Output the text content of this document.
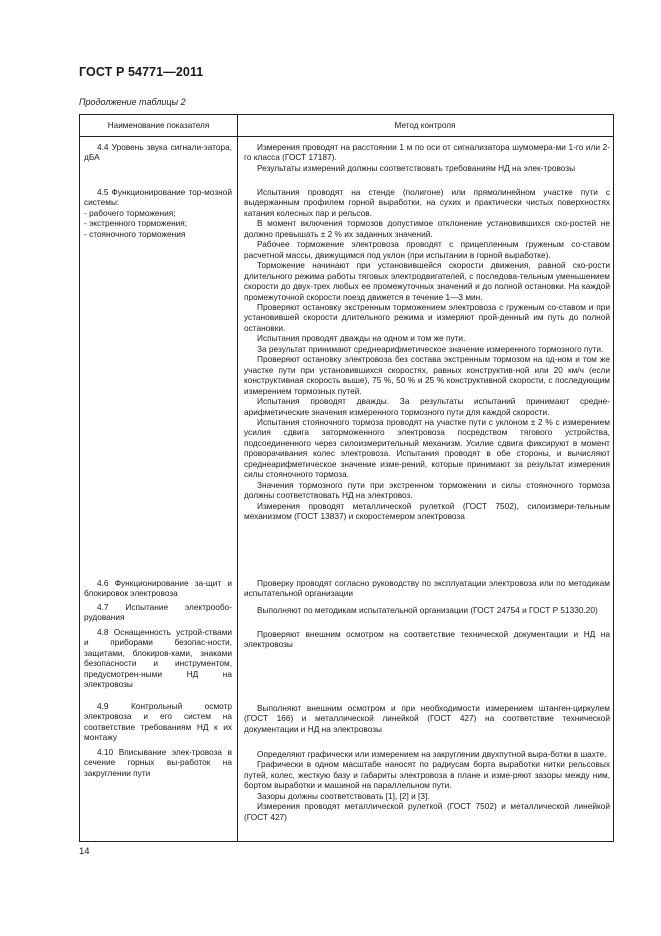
ГОСТ Р 54771—2011
Продолжение таблицы 2
Наименование показателя	Метод контроля

4.4 Уровень звука сигнали-затора, дБА

Измерения проводят на расстоянии 1 м по оси от сигнализатора шумомера-ми 1-го или 2-го класса (ГОСТ 17187).

Результаты измерений должны соответствовать требованиям НД на элек-тровозы

4.5 Функционирование тор-мозной системы:

- рабочего торможения;

- экстренного торможения;

- стояночного торможения

Испытания проводят на стенде (полигоне) или прямолинейном участке пути с выдержанным профилем горной выработки, на сухих и практически чистых поверхностях катания колесных пар и рельсов.

В момент включения тормозов допустимое отклонение установившихся ско-ростей не должно превышать ± 2 % их заданных значений.

Рабочее торможение электровоза проводят с прицепленным груженым со-ставом расчетной массы, движущимся под уклон (при испытании в горной выработке).

Торможение начинают при установившейся скорости движения, равной ско-рости длительного режима работы тяговых электродвигателей, с последова-тельным уменьшением скорости до двух-трех любых ее промежуточных значений и до полной остановки. На каждой промежуточной скорости поезд движется в течение 1—3 мин.

Проверяют остановку экстренным торможением электровоза с груженым со-ставом и при установившей скорости длительного режима и измеряют прой-денный им путь до полной остановки.

Испытания проводят дважды на одном и том же пути.

За результат принимают среднеарифметическое значение измеренного тормозного пути.

Проверяют остановку электровоза без состава экстренным тормозом на од-ном и том же участке пути при установившихся скоростях, равных конструктив-ной или 20 км/ч (если конструктивная скорость выше), 75 %, 50 % и 25 % конструктивной скорости, с последующим измерением тормозных путей.

Испытания проводят дважды. За результаты испытаний принимают средне-арифметические значения измеренного тормозного пути для каждой скорости.

Испытания стояночного тормоза проводят на участке пути с уклоном ± 2 % с измерением усилия сдвига заторможенного электровоза посредством тягового устройства, подсоединенного через силоизмерительный механизм. Усилие сдвига фиксируют в момент проворачивания колес электровоза. Испытания проводят в обе стороны, и вычисляют среднеарифметическое значение изме-рений, которые принимают за результат измерения силы стояночного тормоза.

Значения тормозного пути при экстренном торможении и силы стояночного тормоза должны соответствовать НД на электровоз.

Измерения проводят металлической рулеткой (ГОСТ 7502), силоизмери-тельным механизмом (ГОСТ 13837) и скоростемером электровоза

4.6 Функционирование за-щит и блокировок электровоза

Проверку проводят согласно руководству по эксплуатации электровоза или по методикам испытательной организации

4.7 Испытание электрообо-рудования

Выполняют по методикам испытательной организации (ГОСТ 24754 и ГОСТ Р 51330.20)

4.8 Оснащенность устрой-ствами и приборами безопас-ности, защитами, блокиров-ками, знаками безопасности и инструментом, предусмотрен-ными НД на электровозы

Проверяют внешним осмотром на соответствие технической документации и НД на электровозы

4.9 Контрольный осмотр электровоза и его систем на соответствие требованиям НД к их монтажу

Выполняют внешним осмотром и при необходимости измерением штанген-циркулем (ГОСТ 166) и металлической линейкой (ГОСТ 427) на соответствие технической документации и НД на электровозы

4.10 Вписывание элек-тровоза в сечение горных вы-работок на закруглении пути

Определяют графически или измерением на закруглении двухпутной выра-ботки в шахте.

Графически в одном масштабе наносят по радиусам борта выработки нитки рельсовых путей, колес, жесткую базу и габариты электровоза в плане и изме-ряют зазоры между ним, бортом выработки и машиной на параллельном пути.

Зазоры должны соответствовать [1], [2] и [3].

Измерения проводят металлической рулеткой (ГОСТ 7502) и металлической линейкой (ГОСТ 427)

14
